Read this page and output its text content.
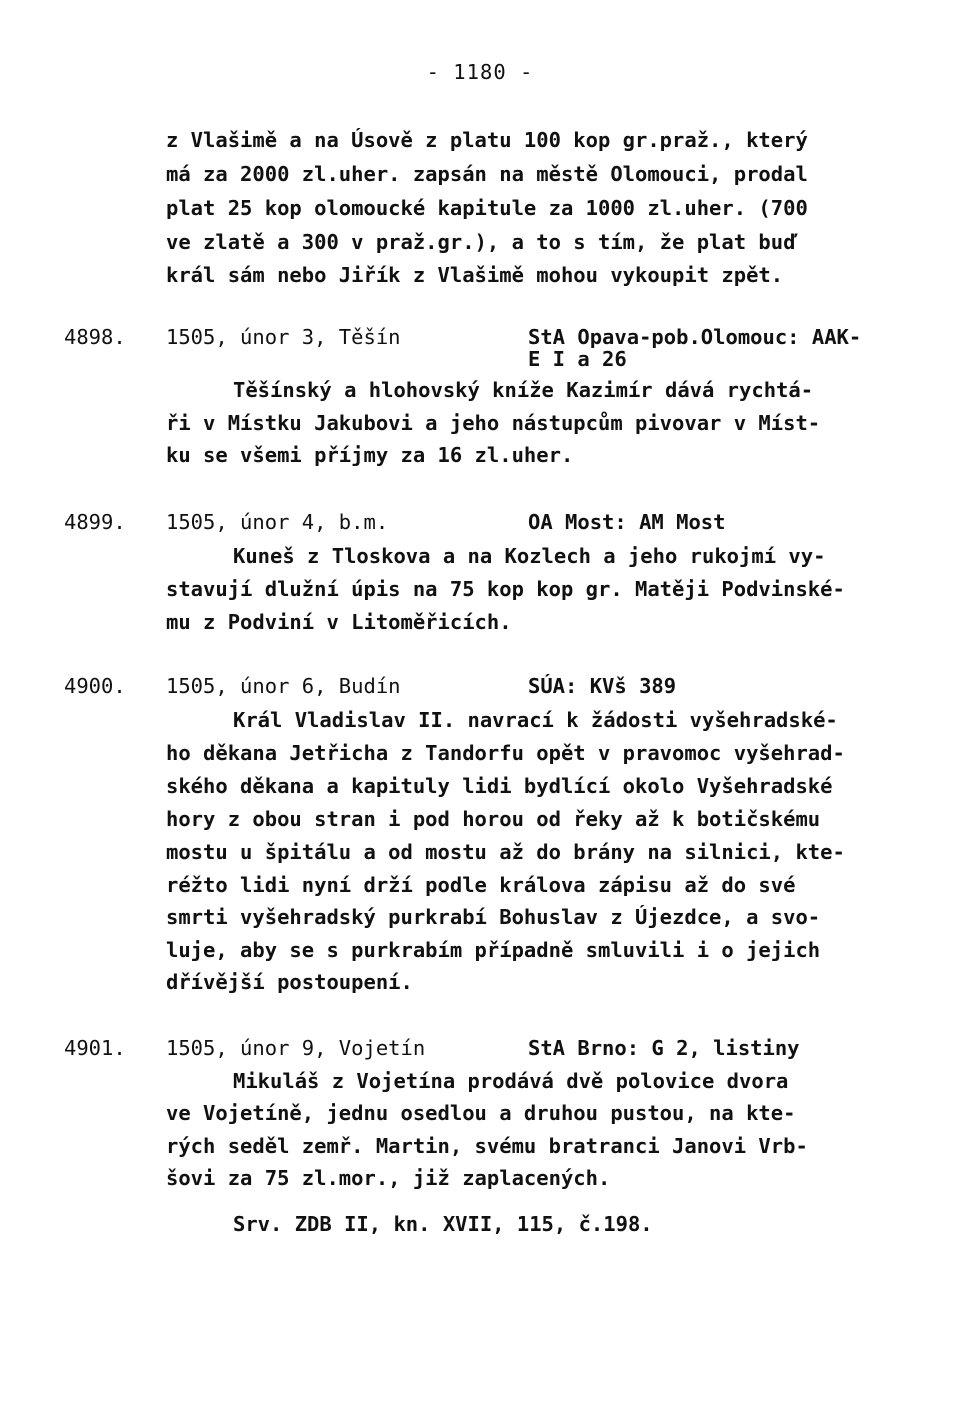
- 1180 -
z Vlašimě a na Úsově z platu 100 kop gr.praž., který
má za 2000 zl.uher. zapsán na městě Olomouci, prodal
plat 25 kop olomoucké kapitule za 1000 zl.uher. (700
ve zlatě a 300 v praž.gr.), a to s tím, že plat buď
král sám nebo Jiřík z Vlašimě mohou vykoupit zpět.
4898. 1505, únor 3, Těšín	StA Opava-pob.Olomouc: AAK-
E I a 26
Těšínský a hlohovský kníže Kazimír dává rychtá-
ři v Místku Jakubovi a jeho nástupcům pivovar v Míst-
ku se všemi příjmy za 16 zl.uher.
4899. 1505, únor 4, b.m.	OA Most: AM Most
Kuneš z Tloskova a na Kozlech a jeho rukojmí vy-
stavují dlužní úpis na 75 kop kop gr. Matěji Podvinské-
mu z Podviní v Litoměřicích.
4900. 1505, únor 6, Budín	SÚA: KVš 389
Král Vladislav II. navrací k žádosti vyšehradské-
ho děkana Jetřicha z Tandorfu opět v pravomoc vyšehrad-
ského děkana a kapituly lidi bydlící okolo Vyšehradské
hory z obou stran i pod horou od řeky až k botičskému
mostu u špitálu a od mostu až do brány na silnici, kte-
réžto lidi nyní drží podle králova zápisu až do své
smrti vyšehradský purkrabí Bohuslav z Újezdce, a svo-
luje, aby se s purkrabím případně smluvili i o jejich
dřívější postoupení.
4901. 1505, únor 9, Vojetín	StA Brno: G 2, listiny
Mikuláš z Vojetína prodává dvě polovice dvora
ve Vojetíně, jednu osedlou a druhou pustou, na kte-
rých seděl zemř. Martin, svému bratranci Janovi Vrb-
šovi za 75 zl.mor., již zaplacených.
Srv. ZDB II, kn. XVII, 115, č.198.
